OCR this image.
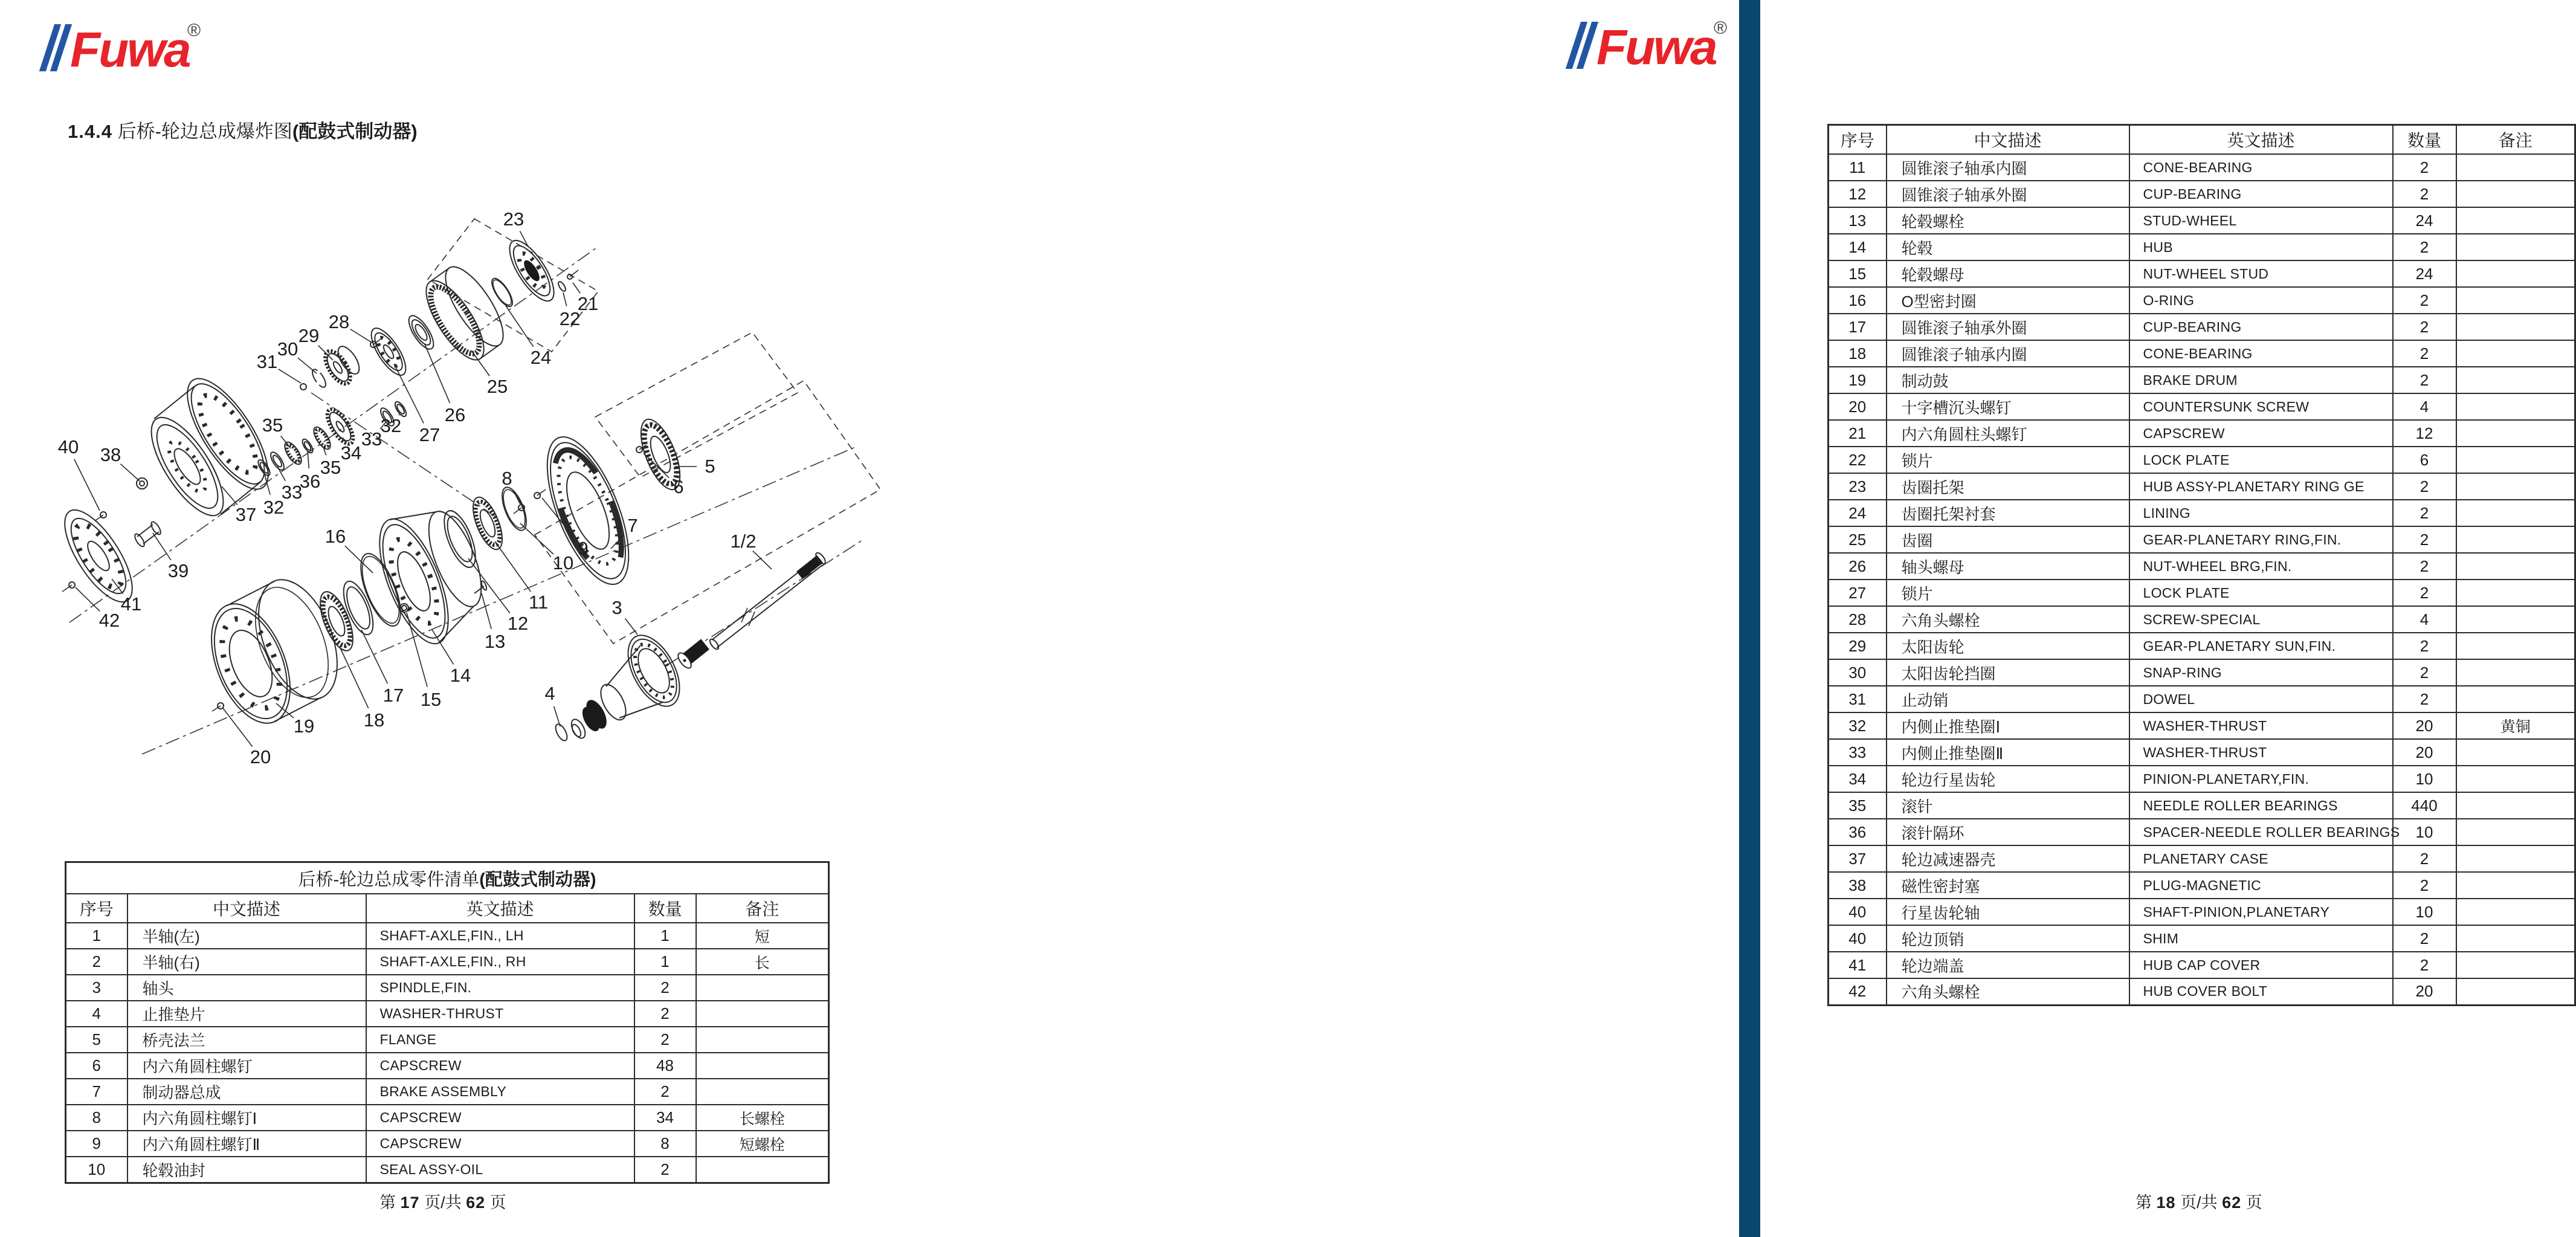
Fuwa
®
1.4.4 后桥-轮边总成爆炸图(配鼓式制动器)
40 38
42
41
39
37 32
33
36
35
34
33
32
35
31
30
29
28
27
26
25
24
23
22
21
20
19	18
17
16
15
14
13
12
11
10
9
8
7
6
5
1/2
3
4
后桥-轮边总成零件清单(配鼓式制动器)				
序号	中文描述	英文描述	数量	备注
1	半轴(左)	SHAFT-AXLE,FIN., LH	1	短
2	半轴(右)	SHAFT-AXLE,FIN., RH	1	长
3	轴头	SPINDLE,FIN.	2	
4	止推垫片	WASHER-THRUST	2	
5	桥壳法兰	FLANGE	2	
6	内六角圆柱螺钉	CAPSCREW	48	
7	制动器总成	BRAKE ASSEMBLY	2	
8	内六角圆柱螺钉Ⅰ	CAPSCREW	34	长螺栓
9	内六角圆柱螺钉Ⅱ	CAPSCREW	8	短螺栓
10	轮毂油封	SEAL ASSY-OIL	2	
第 17 页/共 62 页
Fuwa
®
序号	中文描述	英文描述	数量	备注
11	圆锥滚子轴承内圈	CONE-BEARING	2	
12	圆锥滚子轴承外圈	CUP-BEARING	2	
13	轮毂螺栓	STUD-WHEEL	24	
14	轮毂	HUB	2	
15	轮毂螺母	NUT-WHEEL STUD	24	
16	O型密封圈	O-RING	2	
17	圆锥滚子轴承外圈	CUP-BEARING	2	
18	圆锥滚子轴承内圈	CONE-BEARING	2	
19	制动鼓	BRAKE DRUM	2	
20	十字槽沉头螺钉	COUNTERSUNK SCREW	4	
21	内六角圆柱头螺钉	CAPSCREW	12	
22	锁片	LOCK PLATE	6	
23	齿圈托架	HUB ASSY-PLANETARY RING GE	2	
24	齿圈托架衬套	LINING	2	
25	齿圈	GEAR-PLANETARY RING,FIN.	2	
26	轴头螺母	NUT-WHEEL BRG,FIN.	2	
27	锁片	LOCK PLATE	2	
28	六角头螺栓	SCREW-SPECIAL	4	
29	太阳齿轮	GEAR-PLANETARY SUN,FIN.	2	
30	太阳齿轮挡圈	SNAP-RING	2	
31	止动销	DOWEL	2	
32	内侧止推垫圈Ⅰ	WASHER-THRUST	20	黄铜
33	内侧止推垫圈Ⅱ	WASHER-THRUST	20	
34	轮边行星齿轮	PINION-PLANETARY,FIN.	10	
35	滚针	NEEDLE ROLLER BEARINGS	440	
36	滚针隔环	SPACER-NEEDLE ROLLER BEARINGS	10	
37	轮边减速器壳	PLANETARY CASE	2	
38	磁性密封塞	PLUG-MAGNETIC	2	
40	行星齿轮轴	SHAFT-PINION,PLANETARY	10	
40	轮边顶销	SHIM	2	
41	轮边端盖	HUB CAP COVER	2	
42	六角头螺栓	HUB COVER BOLT	20	
第 18 页/共 62 页
